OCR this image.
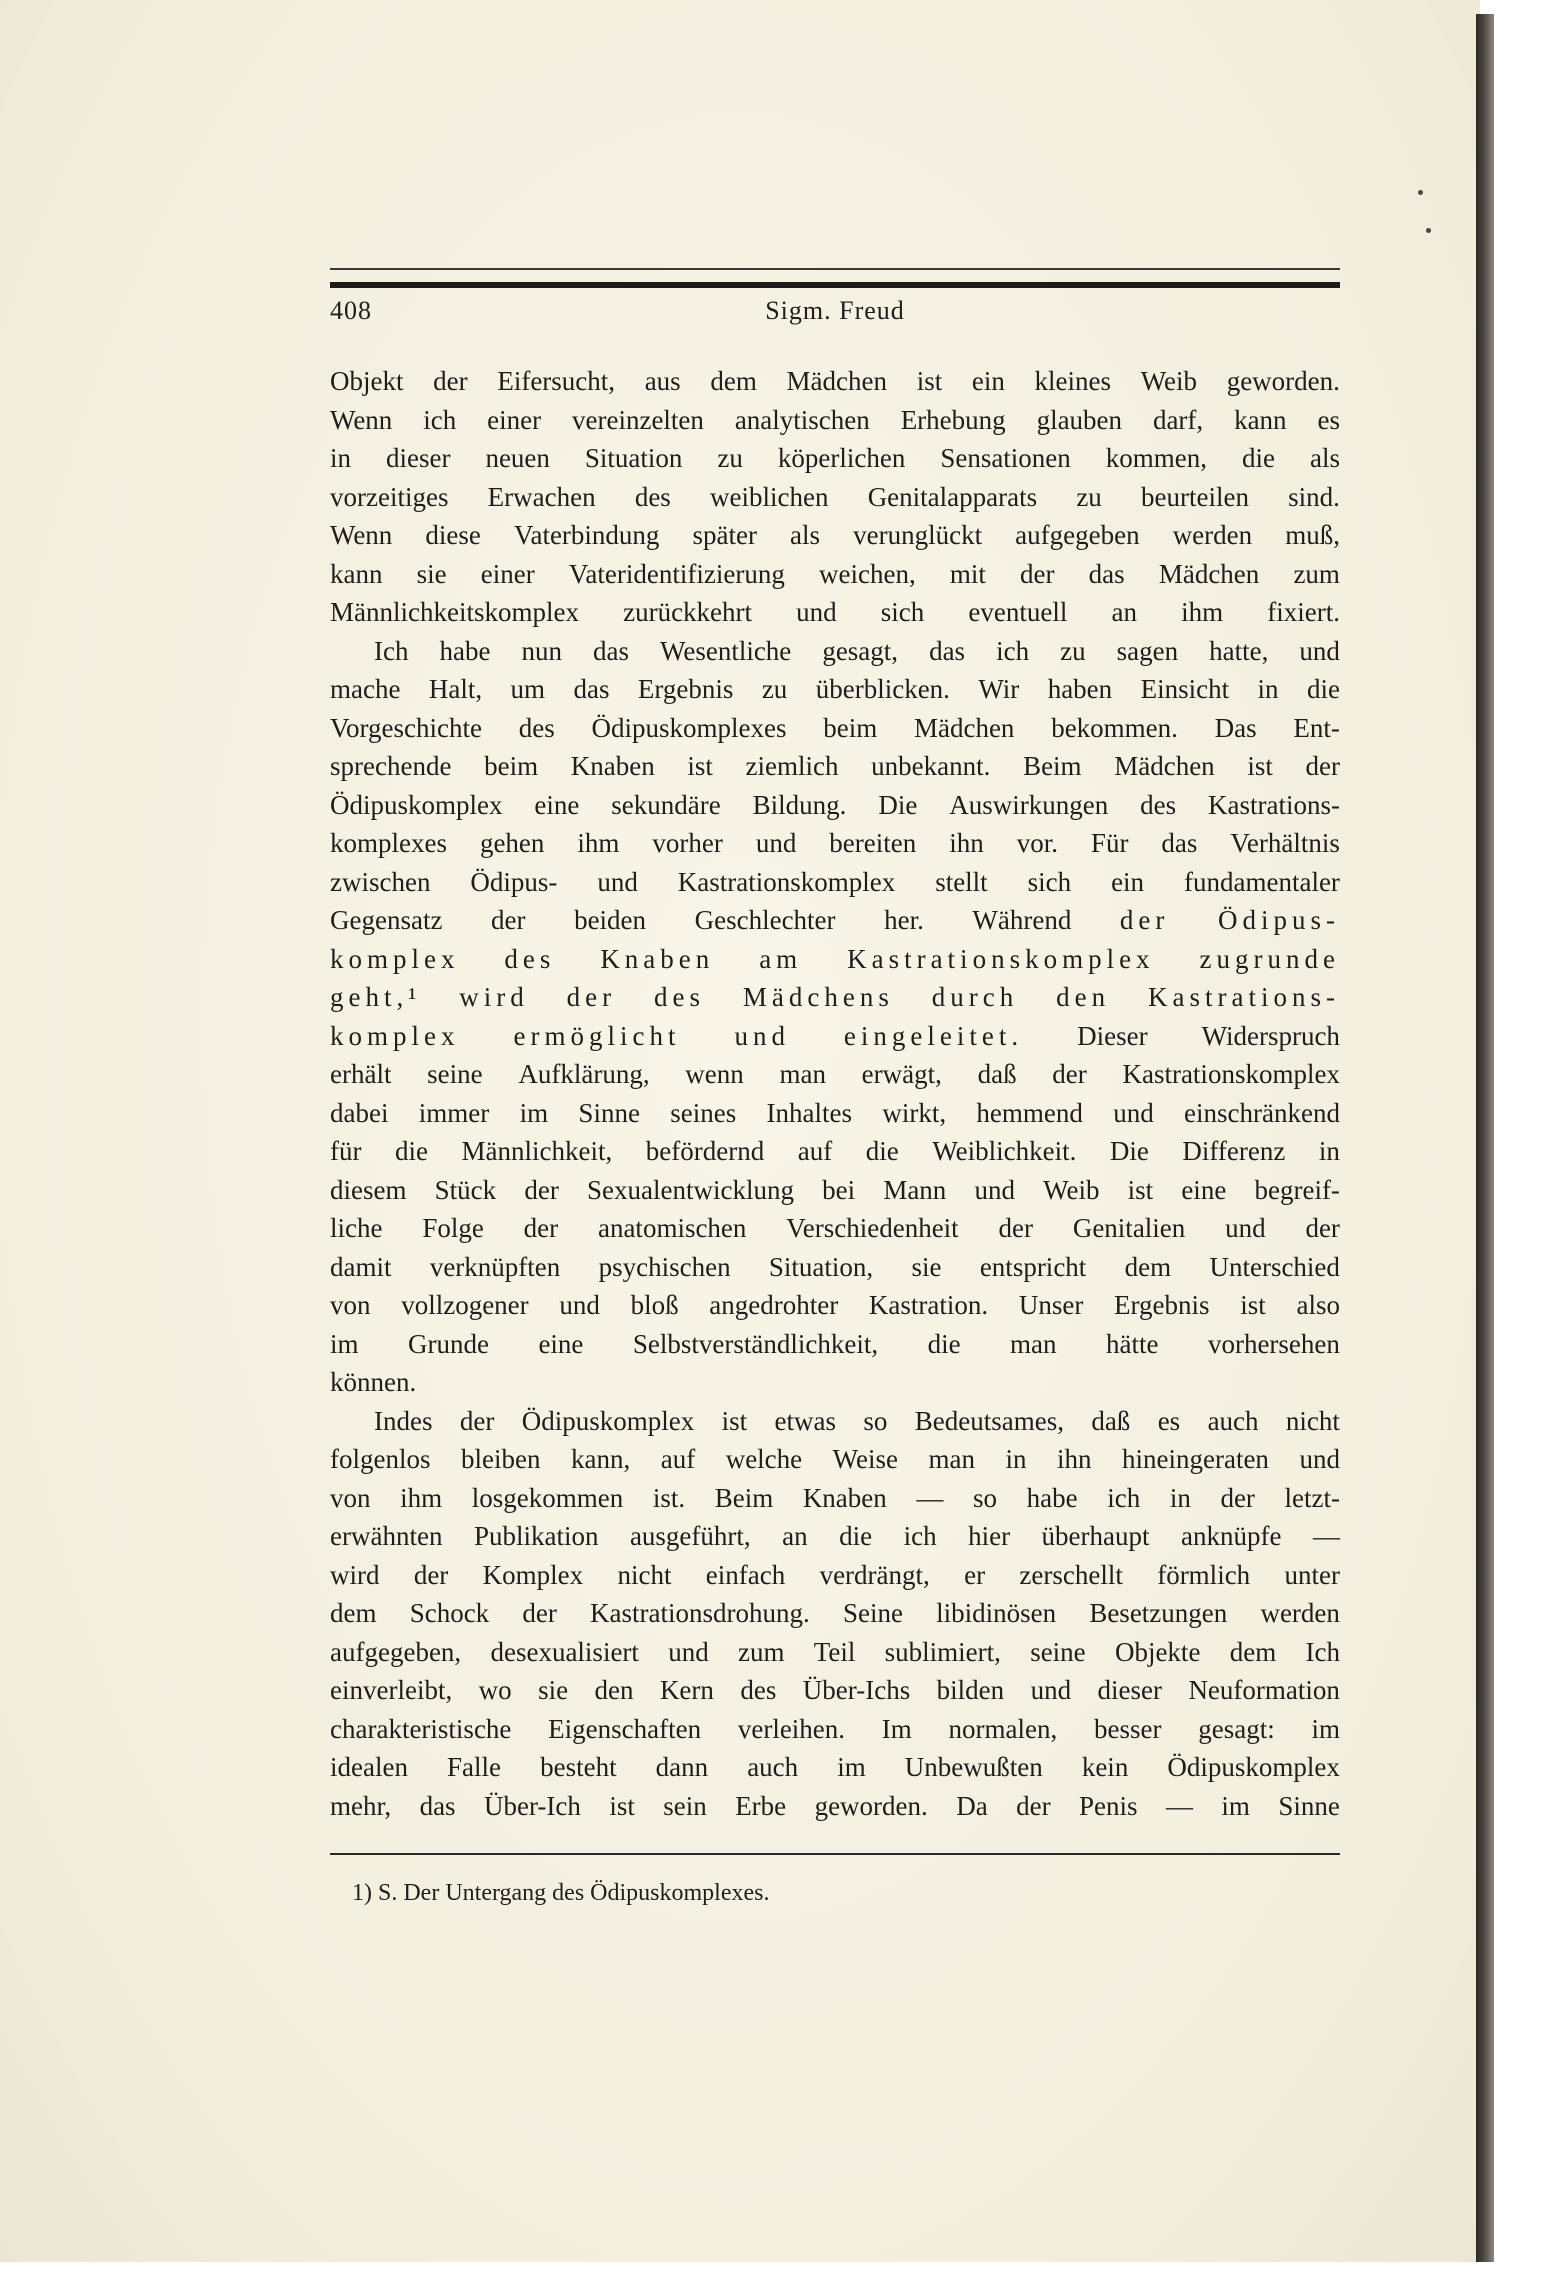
408	Sigm. Freud
Objekt der Eifersucht, aus dem Mädchen ist ein kleines Weib geworden.
Wenn ich einer vereinzelten analytischen Erhebung glauben darf, kann es
in dieser neuen Situation zu köperlichen Sensationen kommen, die als
vorzeitiges Erwachen des weiblichen Genitalapparats zu beurteilen sind.
Wenn diese Vaterbindung später als verunglückt aufgegeben werden muß,
kann sie einer Vateridentifizierung weichen, mit der das Mädchen zum
Männlichkeitskomplex zurückkehrt und sich eventuell an ihm fixiert.
Ich habe nun das Wesentliche gesagt, das ich zu sagen hatte, und
mache Halt, um das Ergebnis zu überblicken. Wir haben Einsicht in die
Vorgeschichte des Ödipuskomplexes beim Mädchen bekommen. Das Ent-
sprechende beim Knaben ist ziemlich unbekannt. Beim Mädchen ist der
Ödipuskomplex eine sekundäre Bildung. Die Auswirkungen des Kastrations-
komplexes gehen ihm vorher und bereiten ihn vor. Für das Verhältnis
zwischen Ödipus- und Kastrationskomplex stellt sich ein fundamentaler
Gegensatz der beiden Geschlechter her. Während der Ödipus-
komplex des Knaben am Kastrationskomplex zugrunde
geht,¹ wird der des Mädchens durch den Kastrations-
komplex ermöglicht und eingeleitet. Dieser Widerspruch
erhält seine Aufklärung, wenn man erwägt, daß der Kastrationskomplex
dabei immer im Sinne seines Inhaltes wirkt, hemmend und einschränkend
für die Männlichkeit, befördernd auf die Weiblichkeit. Die Differenz in
diesem Stück der Sexualentwicklung bei Mann und Weib ist eine begreif-
liche Folge der anatomischen Verschiedenheit der Genitalien und der
damit verknüpften psychischen Situation, sie entspricht dem Unterschied
von vollzogener und bloß angedrohter Kastration. Unser Ergebnis ist also
im Grunde eine Selbstverständlichkeit, die man hätte vorhersehen
können.
Indes der Ödipuskomplex ist etwas so Bedeutsames, daß es auch nicht
folgenlos bleiben kann, auf welche Weise man in ihn hineingeraten und
von ihm losgekommen ist. Beim Knaben — so habe ich in der letzt-
erwähnten Publikation ausgeführt, an die ich hier überhaupt anknüpfe —
wird der Komplex nicht einfach verdrängt, er zerschellt förmlich unter
dem Schock der Kastrationsdrohung. Seine libidinösen Besetzungen werden
aufgegeben, desexualisiert und zum Teil sublimiert, seine Objekte dem Ich
einverleibt, wo sie den Kern des Über-Ichs bilden und dieser Neuformation
charakteristische Eigenschaften verleihen. Im normalen, besser gesagt: im
idealen Falle besteht dann auch im Unbewußten kein Ödipuskomplex
mehr, das Über-Ich ist sein Erbe geworden. Da der Penis — im Sinne
1) S. Der Untergang des Ödipuskomplexes.
